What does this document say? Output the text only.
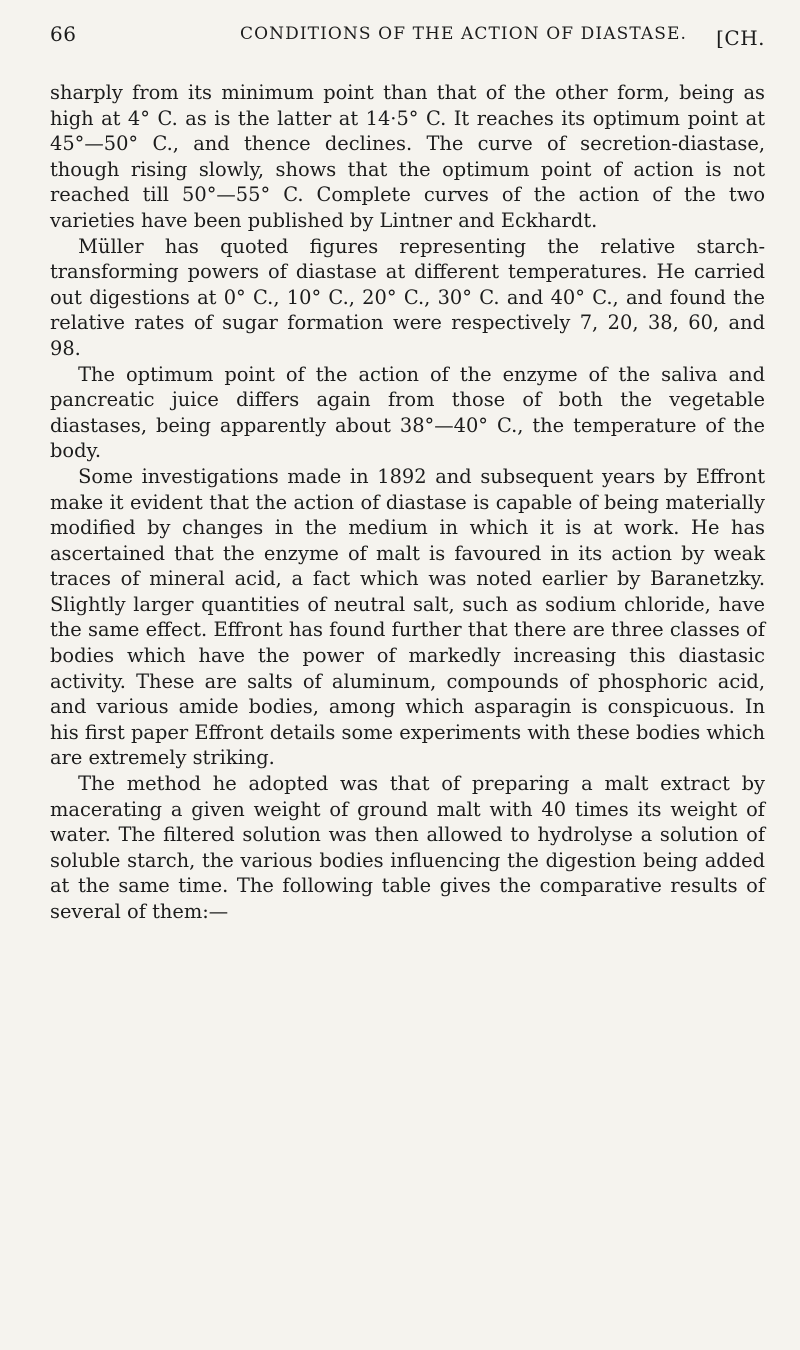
66	CONDITIONS OF THE ACTION OF DIASTASE. [CH.

sharply from its minimum point than that of the other form, being as high at 4° C. as is the latter at 14·5° C. It reaches its optimum point at 45°—50° C., and thence declines. The curve of secretion-diastase, though rising slowly, shows that the optimum point of action is not reached till 50°—55° C. Complete curves of the action of the two varieties have been published by Lintner and Eckhardt.

Müller has quoted figures representing the relative starch-transforming powers of diastase at different temperatures. He carried out digestions at 0° C., 10° C., 20° C., 30° C. and 40° C., and found the relative rates of sugar formation were respectively 7, 20, 38, 60, and 98.

The optimum point of the action of the enzyme of the saliva and pancreatic juice differs again from those of both the vegetable diastases, being apparently about 38°—40° C., the temperature of the body.

Some investigations made in 1892 and subsequent years by Effront make it evident that the action of diastase is capable of being materially modified by changes in the medium in which it is at work. He has ascertained that the enzyme of malt is favoured in its action by weak traces of mineral acid, a fact which was noted earlier by Baranetzky. Slightly larger quantities of neutral salt, such as sodium chloride, have the same effect. Effront has found further that there are three classes of bodies which have the power of markedly increasing this diastasic activity. These are salts of aluminum, compounds of phosphoric acid, and various amide bodies, among which asparagin is conspicuous. In his first paper Effront details some experiments with these bodies which are extremely striking.

The method he adopted was that of preparing a malt extract by macerating a given weight of ground malt with 40 times its weight of water. The filtered solution was then allowed to hydrolyse a solution of soluble starch, the various bodies influencing the digestion being added at the same time. The following table gives the comparative results of several of them:—
